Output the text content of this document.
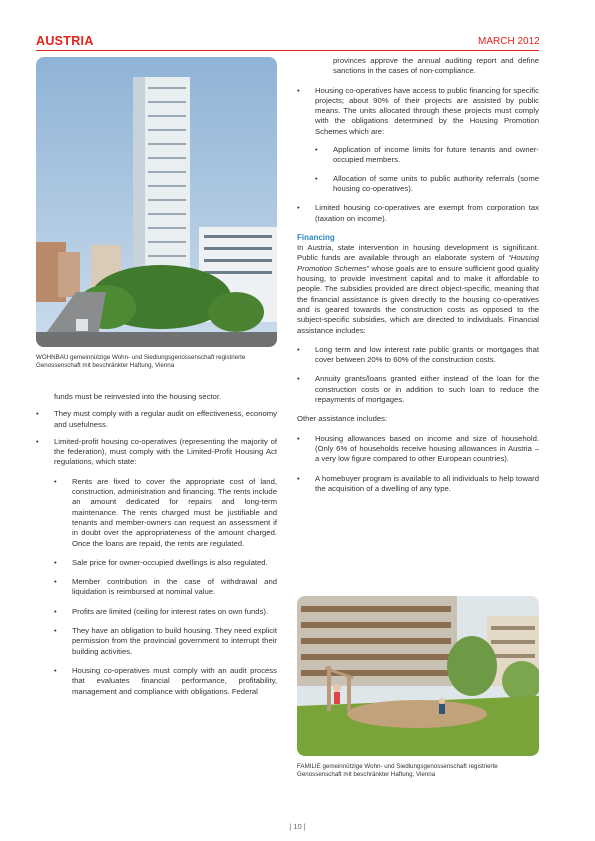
AUSTRIA	MARCH 2012
WOHNBAU gemeinnützige Wohn- und Siedlungsgenossenschaft registrierte Genossenschaft mit beschränkter Haftung, Vienna

funds must be reinvested into the housing sector.

• They must comply with a regular audit on effectiveness, economy and usefulness.
• Limited-profit housing co-operatives (representing the majority of the federation), must comply with the Limited-Profit Housing Act regulations, which state:
• Rents are fixed to cover the appropriate cost of land, construction, administration and financing. The rents include an amount dedicated for repairs and long-term maintenance. The rents charged must be justifiable and tenants and member-owners can request an assessment if in doubt over the appropriateness of the amount charged. Once the loans are repaid, the rents are regulated.
• Sale price for owner-occupied dwellings is also regulated.
• Member contribution in the case of withdrawal and liquidation is reimbursed at nominal value.
• Profits are limited (ceiling for interest rates on own funds).
• They have an obligation to build housing. They need explicit permission from the provincial government to interrupt their building activities.
• Housing co-operatives must comply with an audit process that evaluates financial performance, profitability, management and compliance with obligations. Federal

provinces approve the annual auditing report and define sanctions in the cases of non-compliance.

• Housing co-operatives have access to public financing for specific projects; about 90% of their projects are assisted by public means. The units allocated through these projects must comply with the obligations determined by the Housing Promotion Schemes which are:
• Application of income limits for future tenants and owner-occupied members.
• Allocation of some units to public authority referrals (some housing co-operatives).
• Limited housing co-operatives are exempt from corporation tax (taxation on income).

Financing

In Austria, state intervention in housing development is significant. Public funds are available through an elaborate system of “Housing Promotion Schemes” whose goals are to ensure sufficient good quality housing, to provide investment capital and to make it affordable to people. The subsidies provided are direct object-specific, meaning that the financial assistance is given directly to the housing co-operatives and is geared towards the construction costs as opposed to the subject-specific subsidies, which are directed to individuals. Financial assistance includes:

• Long term and low interest rate public grants or mortgages that cover between 20% to 60% of the construction costs.
• Annuity grants/loans granted either instead of the loan for the construction costs or in addition to such loan to reduce the repayments of mortgages.

Other assistance includes:

• Housing allowances based on income and size of household. (Only 6% of households receive housing allowances in Austria – a very low figure compared to other European countries).
• A homebuyer program is available to all individuals to help toward the acquisition of a dwelling of any type.
FAMILIE gemeinnützige Wohn- und Siedlungsgenossenschaft registrierte Genossenschaft mit beschränkter Haftung, Vienna
| 10 |
